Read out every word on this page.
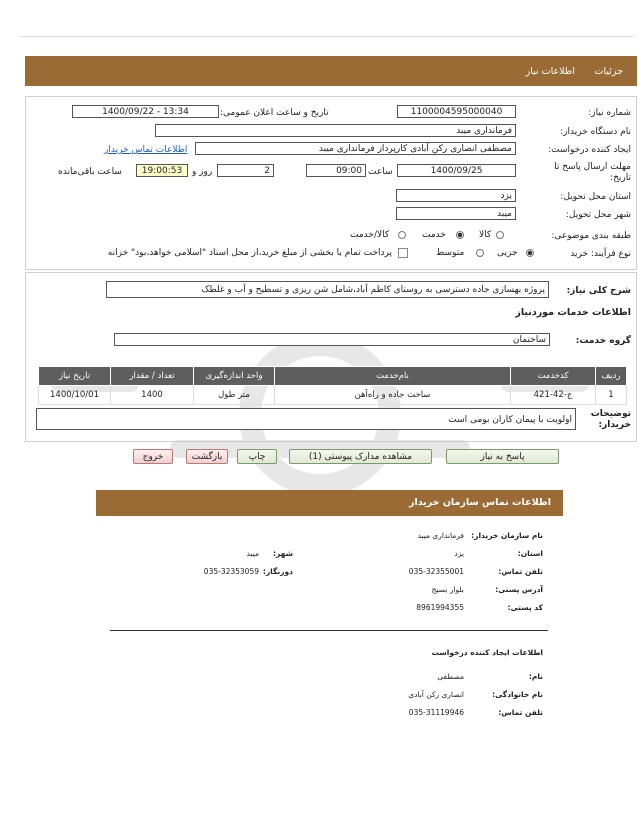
جزئیات
اطلاعات نیاز
شماره نیاز:
1100004595000040
تاریخ و ساعت اعلان عمومی:
1400/09/22 - 13:34
نام دستگاه خریدار:
فرمانداری میبد
ایجاد کننده درخواست:
مصطفی انصاری رکن آبادی کارپرداز فرمانداری میبد
اطلاعات تماس خریدار
مهلت ارسال پاسخ تا تاریخ:
1400/09/25
ساعت
09:00
2
روز و
19:00:53
ساعت باقی‌مانده
استان محل تحویل:
یزد
شهر محل تحویل:
میبد
طبقه بندی موضوعی:
کالا
خدمت
کالا/خدمت
نوع فرآیند: خرید
جزیی
متوسط
پرداخت تمام یا بخشی از مبلغ خرید،از محل اسناد "اسلامی خواهد،بود" خزانه
شرح کلی نیاز:
پروژه بهسازی جاده دسترسی به روستای کاظم آباد،شامل شن ریزی و تسطیح و آب و غلطک
اطلاعات خدمات مورد‌نیاز
گروه خدمت:
ساختمان
ردیف	کد‌خدمت	نام‌خدمت	واحد اندازه‌گیری	تعداد / مقدار	تاریخ نیاز
1	ج-42-421	ساخت جاده و راه‌آهن	متر طول	1400	1400/10/01
توضیحات خریدار:
اولویت با پیمان کاران بومی است
پاسخ به نیاز
مشاهده مدارک پیوستی (1)
چاپ
بازگشت
خروج
اطلاعات تماس سازمان خریدار
نام سازمان خریدار:
فرمانداری میبد
استان:
یزد
شهر:
میبد
تلفن تماس:
035-32355001
دورنگار:
035-32353059
آدرس پستی:
بلوار بسیج
کد پستی:
8961994355
اطلاعات ایجاد کننده درخواست
نام:
مصطفی
نام خانوادگی:
انصاری رکن آبادی
تلفن تماس:
035-31119946
